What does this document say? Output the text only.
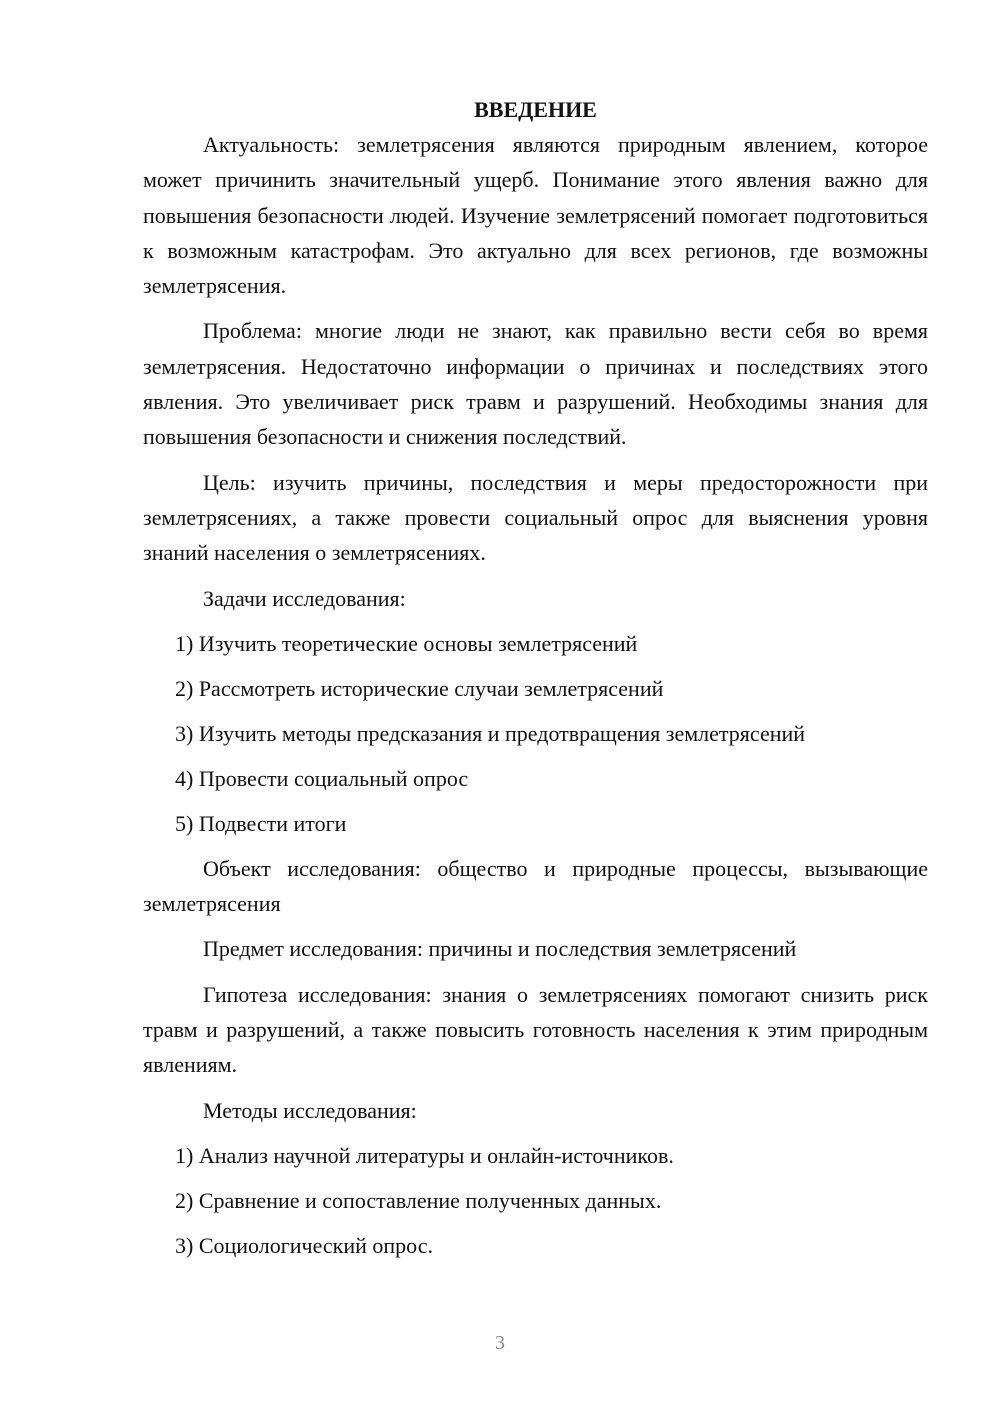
ВВЕДЕНИЕ

Актуальность: землетрясения являются природным явлением, которое может причинить значительный ущерб. Понимание этого явления важно для повышения безопасности людей. Изучение землетрясений помогает подготовиться к возможным катастрофам. Это актуально для всех регионов, где возможны землетрясения.

Проблема: многие люди не знают, как правильно вести себя во время землетрясения. Недостаточно информации о причинах и последствиях этого явления. Это увеличивает риск травм и разрушений. Необходимы знания для повышения безопасности и снижения последствий.

Цель: изучить причины, последствия и меры предосторожности при землетрясениях, а также провести социальный опрос для выяснения уровня знаний населения о землетрясениях.

Задачи исследования:

1) Изучить теоретические основы землетрясений
2) Рассмотреть исторические случаи землетрясений
3) Изучить методы предсказания и предотвращения землетрясений
4) Провести социальный опрос
5) Подвести итоги

Объект исследования: общество и природные процессы, вызывающие землетрясения

Предмет исследования: причины и последствия землетрясений

Гипотеза исследования: знания о землетрясениях помогают снизить риск травм и разрушений, а также повысить готовность населения к этим природным явлениям.

Методы исследования:

1) Анализ научной литературы и онлайн-источников.
2) Сравнение и сопоставление полученных данных.
3) Социологический опрос.
3
